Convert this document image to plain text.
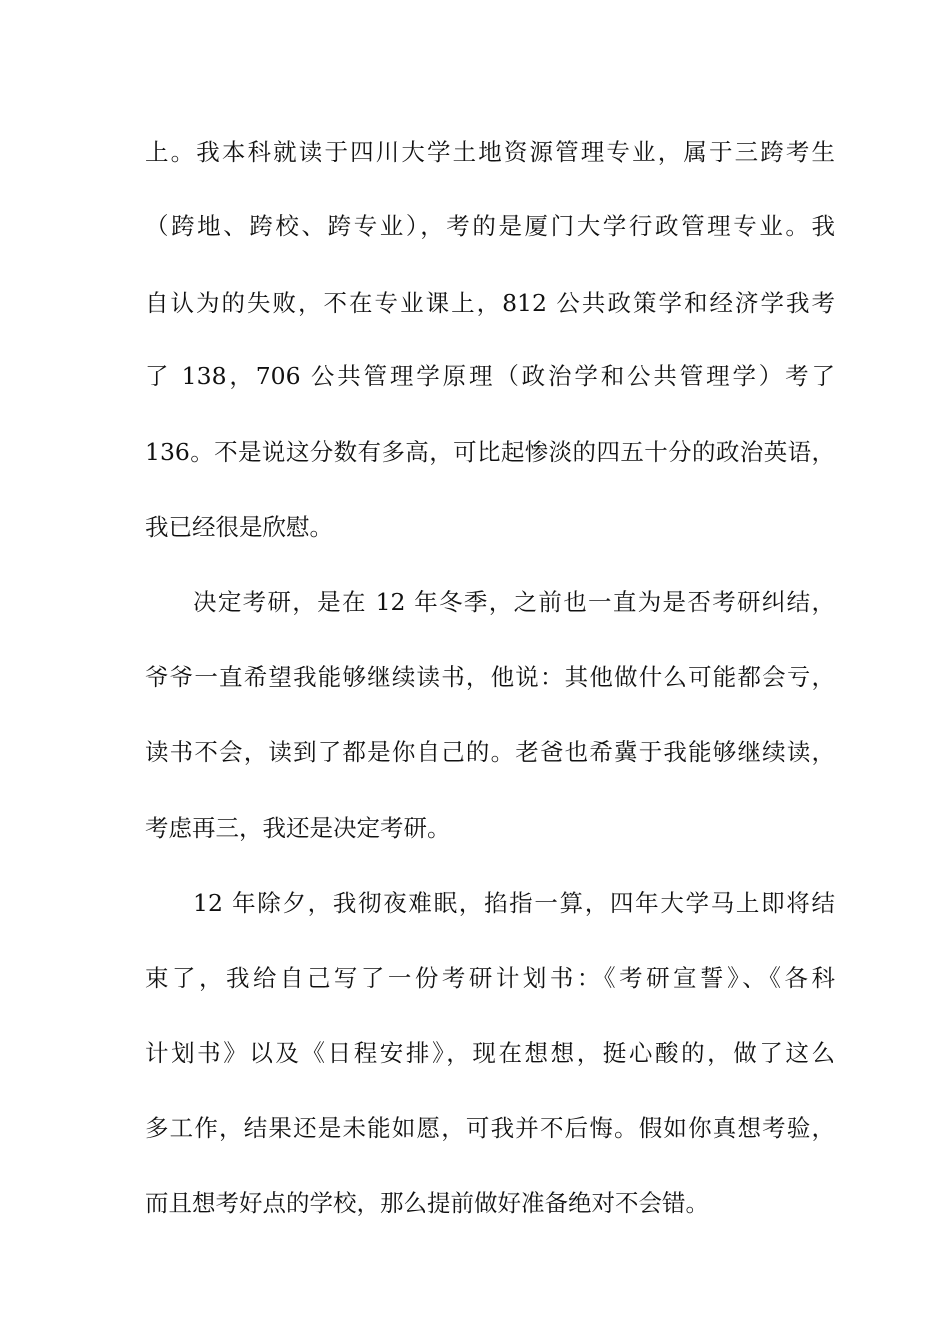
上。我本科就读于四川大学土地资源管理专业，属于三跨考生
（跨地、跨校、跨专业），考的是厦门大学行政管理专业。我
自认为的失败，不在专业课上，812 公共政策学和经济学我考
了 138，706 公共管理学原理（政治学和公共管理学）考了
136。不是说这分数有多高，可比起惨淡的四五十分的政治英语，
我已经很是欣慰。
决定考研，是在 12 年冬季，之前也一直为是否考研纠结，
爷爷一直希望我能够继续读书，他说：其他做什么可能都会亏，
读书不会，读到了都是你自己的。老爸也希冀于我能够继续读，
考虑再三，我还是决定考研。
12 年除夕，我彻夜难眠，掐指一算，四年大学马上即将结
束了，我给自己写了一份考研计划书：《考研宣誓》、《各科
计划书》以及《日程安排》，现在想想，挺心酸的，做了这么
多工作，结果还是未能如愿，可我并不后悔。假如你真想考验，
而且想考好点的学校，那么提前做好准备绝对不会错。
